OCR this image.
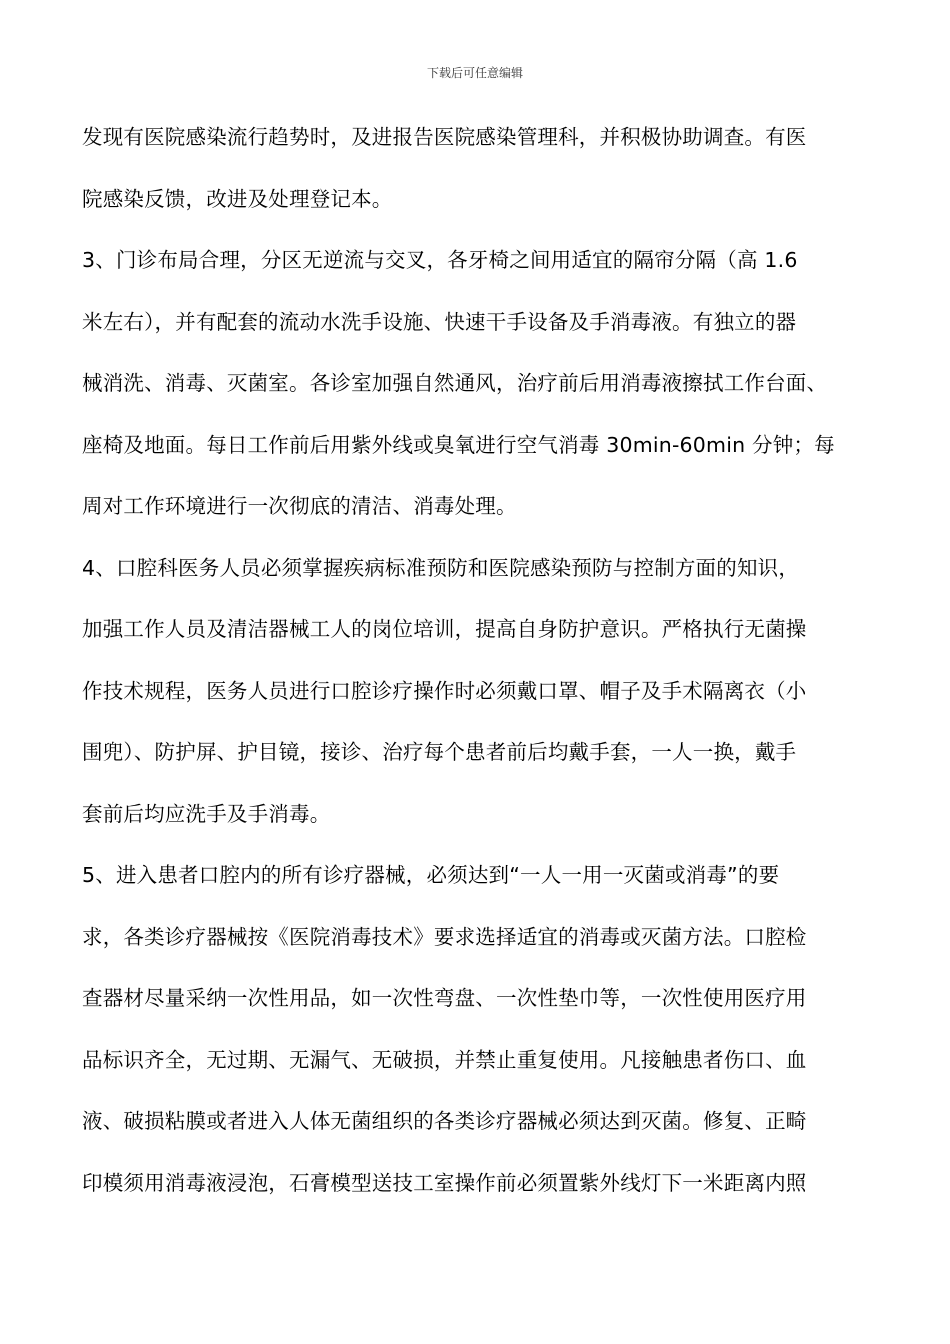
下载后可任意编辑
发现有医院感染流行趋势时，及进报告医院感染管理科，并积极协助调查。有医
院感染反馈，改进及处理登记本。
3、门诊布局合理，分区无逆流与交叉，各牙椅之间用适宜的隔帘分隔（高 1.6
米左右），并有配套的流动水洗手设施、快速干手设备及手消毒液。有独立的器
械消洗、消毒、灭菌室。各诊室加强自然通风，治疗前后用消毒液擦拭工作台面、
座椅及地面。每日工作前后用紫外线或臭氧进行空气消毒 30min-60min 分钟；每
周对工作环境进行一次彻底的清洁、消毒处理。
4、口腔科医务人员必须掌握疾病标准预防和医院感染预防与控制方面的知识，
加强工作人员及清洁器械工人的岗位培训，提高自身防护意识。严格执行无菌操
作技术规程，医务人员进行口腔诊疗操作时必须戴口罩、帽子及手术隔离衣（小
围兜）、防护屏、护目镜，接诊、治疗每个患者前后均戴手套，一人一换，戴手
套前后均应洗手及手消毒。
5、进入患者口腔内的所有诊疗器械，必须达到“一人一用一灭菌或消毒”的要
求，各类诊疗器械按《医院消毒技术》要求选择适宜的消毒或灭菌方法。口腔检
查器材尽量采纳一次性用品，如一次性弯盘、一次性垫巾等，一次性使用医疗用
品标识齐全，无过期、无漏气、无破损，并禁止重复使用。凡接触患者伤口、血
液、破损粘膜或者进入人体无菌组织的各类诊疗器械必须达到灭菌。修复、正畸
印模须用消毒液浸泡，石膏模型送技工室操作前必须置紫外线灯下一米距离内照
